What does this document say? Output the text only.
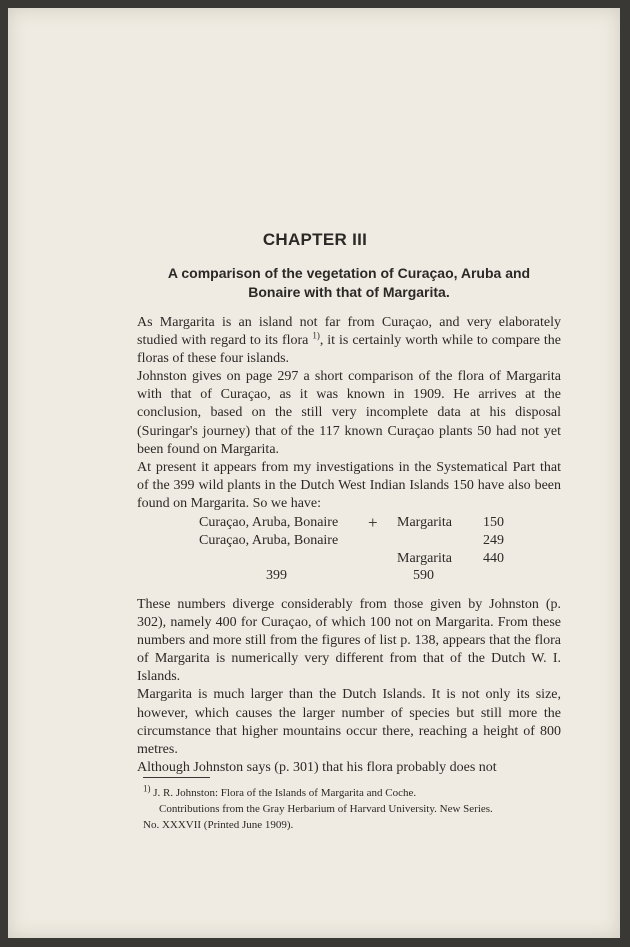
CHAPTER III
A comparison of the vegetation of Curaçao, Aruba and
Bonaire with that of Margarita.

As Margarita is an island not far from Curaçao, and very elaborately studied with regard to its flora $^{1)}$, it is certainly worth while to compare the floras of these four islands.

Johnston gives on page 297 a short comparison of the flora of Margarita with that of Curaçao, as it was known in 1909. He arrives at the conclusion, based on the still very incomplete data at his disposal (Suringar's journey) that of the 117 known Curaçao plants 50 had not yet been found on Margarita.

At present it appears from my investigations in the Systematical Part that of the 399 wild plants in the Dutch West Indian Islands 150 have also been found on Margarita. So we have:

Curaçao, Aruba, Bonaire + Margarita 150
Curaçao, Aruba, Bonaire	249
Margarita 440
399	590

These numbers diverge considerably from those given by Johnston (p. 302), namely 400 for Curaçao, of which 100 not on Margarita. From these numbers and more still from the figures of list p. 138, appears that the flora of Margarita is numerically very different from that of the Dutch W. I. Islands.

Margarita is much larger than the Dutch Islands. It is not only its size, however, which causes the larger number of species but still more the circumstance that higher mountains occur there, reaching a height of 800 metres.

Although Johnston says (p. 301) that his flora probably does not

$^{1)}$ J. R. Johnston: Flora of the Islands of Margarita and Coche.
Contributions from the Gray Herbarium of Harvard University. New Series.
No. XXXVII (Printed June 1909).
